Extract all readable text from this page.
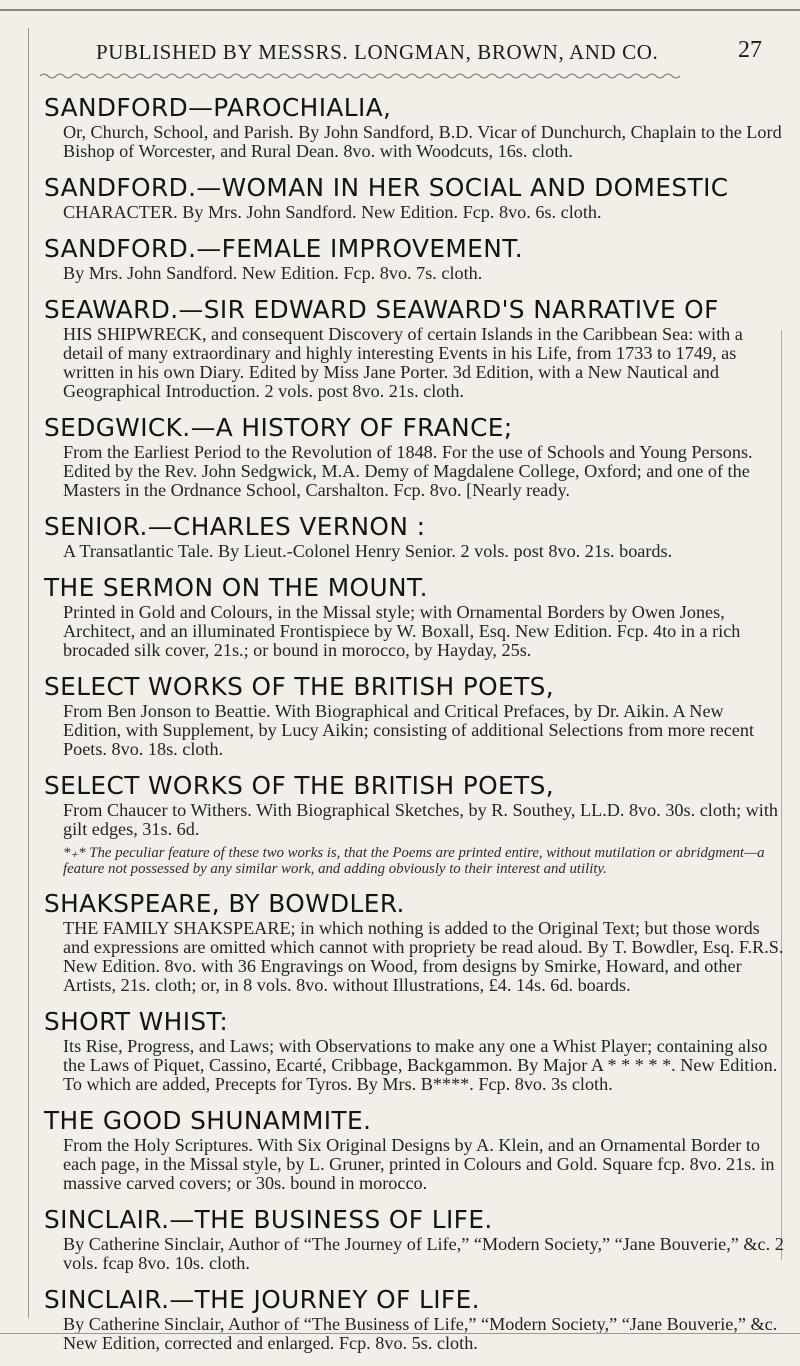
PUBLISHED BY MESSRS. LONGMAN, BROWN, AND CO.	27
SANDFORD—PAROCHIALIA,
Or, Church, School, and Parish. By John Sandford, B.D. Vicar of Dunchurch, Chaplain to the Lord Bishop of Worcester, and Rural Dean. 8vo. with Woodcuts, 16s. cloth.
SANDFORD.—WOMAN IN HER SOCIAL AND DOMESTIC
CHARACTER. By Mrs. John Sandford. New Edition. Fcp. 8vo. 6s. cloth.
SANDFORD.—FEMALE IMPROVEMENT.
By Mrs. John Sandford. New Edition. Fcp. 8vo. 7s. cloth.
SEAWARD.—SIR EDWARD SEAWARD'S NARRATIVE OF
HIS SHIPWRECK, and consequent Discovery of certain Islands in the Caribbean Sea: with a detail of many extraordinary and highly interesting Events in his Life, from 1733 to 1749, as written in his own Diary. Edited by Miss Jane Porter. 3d Edition, with a New Nautical and Geographical Introduction. 2 vols. post 8vo. 21s. cloth.
SEDGWICK.—A HISTORY OF FRANCE;
From the Earliest Period to the Revolution of 1848. For the use of Schools and Young Persons. Edited by the Rev. John Sedgwick, M.A. Demy of Magdalene College, Oxford; and one of the Masters in the Ordnance School, Carshalton. Fcp. 8vo. [Nearly ready.
SENIOR.—CHARLES VERNON :
A Transatlantic Tale. By Lieut.-Colonel Henry Senior. 2 vols. post 8vo. 21s. boards.
THE SERMON ON THE MOUNT.
Printed in Gold and Colours, in the Missal style; with Ornamental Borders by Owen Jones, Architect, and an illuminated Frontispiece by W. Boxall, Esq. New Edition. Fcp. 4to in a rich brocaded silk cover, 21s.; or bound in morocco, by Hayday, 25s.
SELECT WORKS OF THE BRITISH POETS,
From Ben Jonson to Beattie. With Biographical and Critical Prefaces, by Dr. Aikin. A New Edition, with Supplement, by Lucy Aikin; consisting of additional Selections from more recent Poets. 8vo. 18s. cloth.
SELECT WORKS OF THE BRITISH POETS,
From Chaucer to Withers. With Biographical Sketches, by R. Southey, LL.D. 8vo. 30s. cloth; with gilt edges, 31s. 6d.
*₊* The peculiar feature of these two works is, that the Poems are printed entire, without mutilation or abridgment—a feature not possessed by any similar work, and adding obviously to their interest and utility.
SHAKSPEARE, BY BOWDLER.
THE FAMILY SHAKSPEARE; in which nothing is added to the Original Text; but those words and expressions are omitted which cannot with propriety be read aloud. By T. Bowdler, Esq. F.R.S. New Edition. 8vo. with 36 Engravings on Wood, from designs by Smirke, Howard, and other Artists, 21s. cloth; or, in 8 vols. 8vo. without Illustrations, £4. 14s. 6d. boards.
SHORT WHIST:
Its Rise, Progress, and Laws; with Observations to make any one a Whist Player; containing also the Laws of Piquet, Cassino, Ecarté, Cribbage, Backgammon. By Major A * * * * *. New Edition. To which are added, Precepts for Tyros. By Mrs. B****. Fcp. 8vo. 3s cloth.
THE GOOD SHUNAMMITE.
From the Holy Scriptures. With Six Original Designs by A. Klein, and an Ornamental Border to each page, in the Missal style, by L. Gruner, printed in Colours and Gold. Square fcp. 8vo. 21s. in massive carved covers; or 30s. bound in morocco.
SINCLAIR.—THE BUSINESS OF LIFE.
By Catherine Sinclair, Author of “The Journey of Life,” “Modern Society,” “Jane Bouverie,” &c. 2 vols. fcap 8vo. 10s. cloth.
SINCLAIR.—THE JOURNEY OF LIFE.
By Catherine Sinclair, Author of “The Business of Life,” “Modern Society,” “Jane Bouverie,” &c. New Edition, corrected and enlarged. Fcp. 8vo. 5s. cloth.
